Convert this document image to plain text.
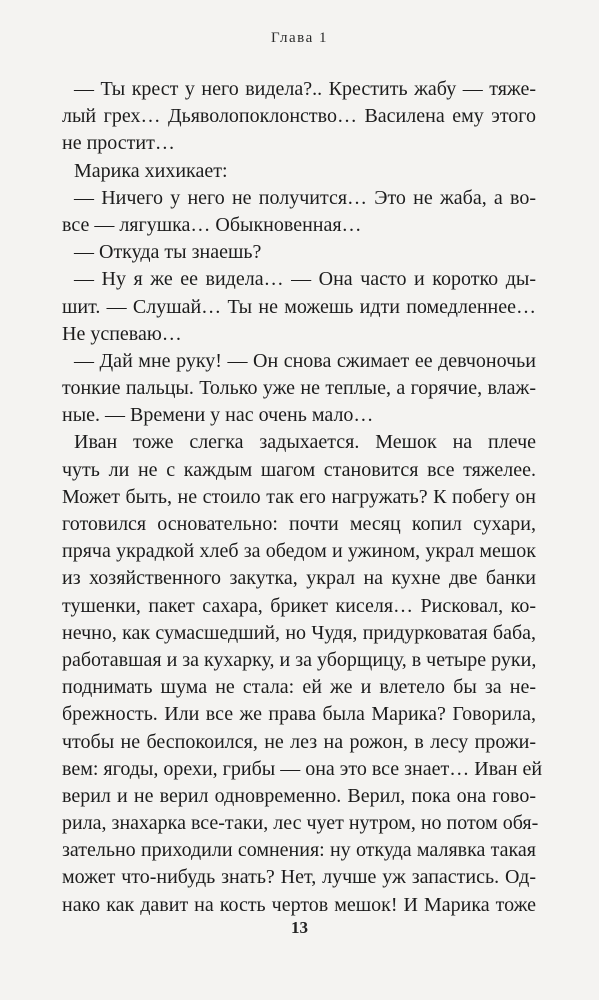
Глава 1
— Ты крест у него видела?.. Крестить жабу — тяже-
лый грех… Дьяволопоклонство… Василена ему этого
не простит…
Марика хихикает:
— Ничего у него не получится… Это не жаба, а во-
все — лягушка… Обыкновенная…
— Откуда ты знаешь?
— Ну я же ее видела… — Она часто и коротко ды-
шит. — Слушай… Ты не можешь идти помедленнее…
Не успеваю…
— Дай мне руку! — Он снова сжимает ее девчоночьи
тонкие пальцы. Только уже не теплые, а горячие, влаж-
ные. — Времени у нас очень мало…
Иван тоже слегка задыхается. Мешок на плече
чуть ли не с каждым шагом становится все тяжелее.
Может быть, не стоило так его нагружать? К побегу он
готовился основательно: почти месяц копил сухари,
пряча украдкой хлеб за обедом и ужином, украл мешок
из хозяйственного закутка, украл на кухне две банки
тушенки, пакет сахара, брикет киселя… Рисковал, ко-
нечно, как сумасшедший, но Чудя, придурковатая баба,
работавшая и за кухарку, и за уборщицу, в четыре руки,
поднимать шума не стала: ей же и влетело бы за не-
брежность. Или все же права была Марика? Говорила,
чтобы не беспокоился, не лез на рожон, в лесу прожи-
вем: ягоды, орехи, грибы — она это все знает… Иван ей
верил и не верил одновременно. Верил, пока она гово-
рила, знахарка все-таки, лес чует нутром, но потом обя-
зательно приходили сомнения: ну откуда малявка такая
может что-нибудь знать? Нет, лучше уж запастись. Од-
нако как давит на кость чертов мешок! И Марика тоже
13
